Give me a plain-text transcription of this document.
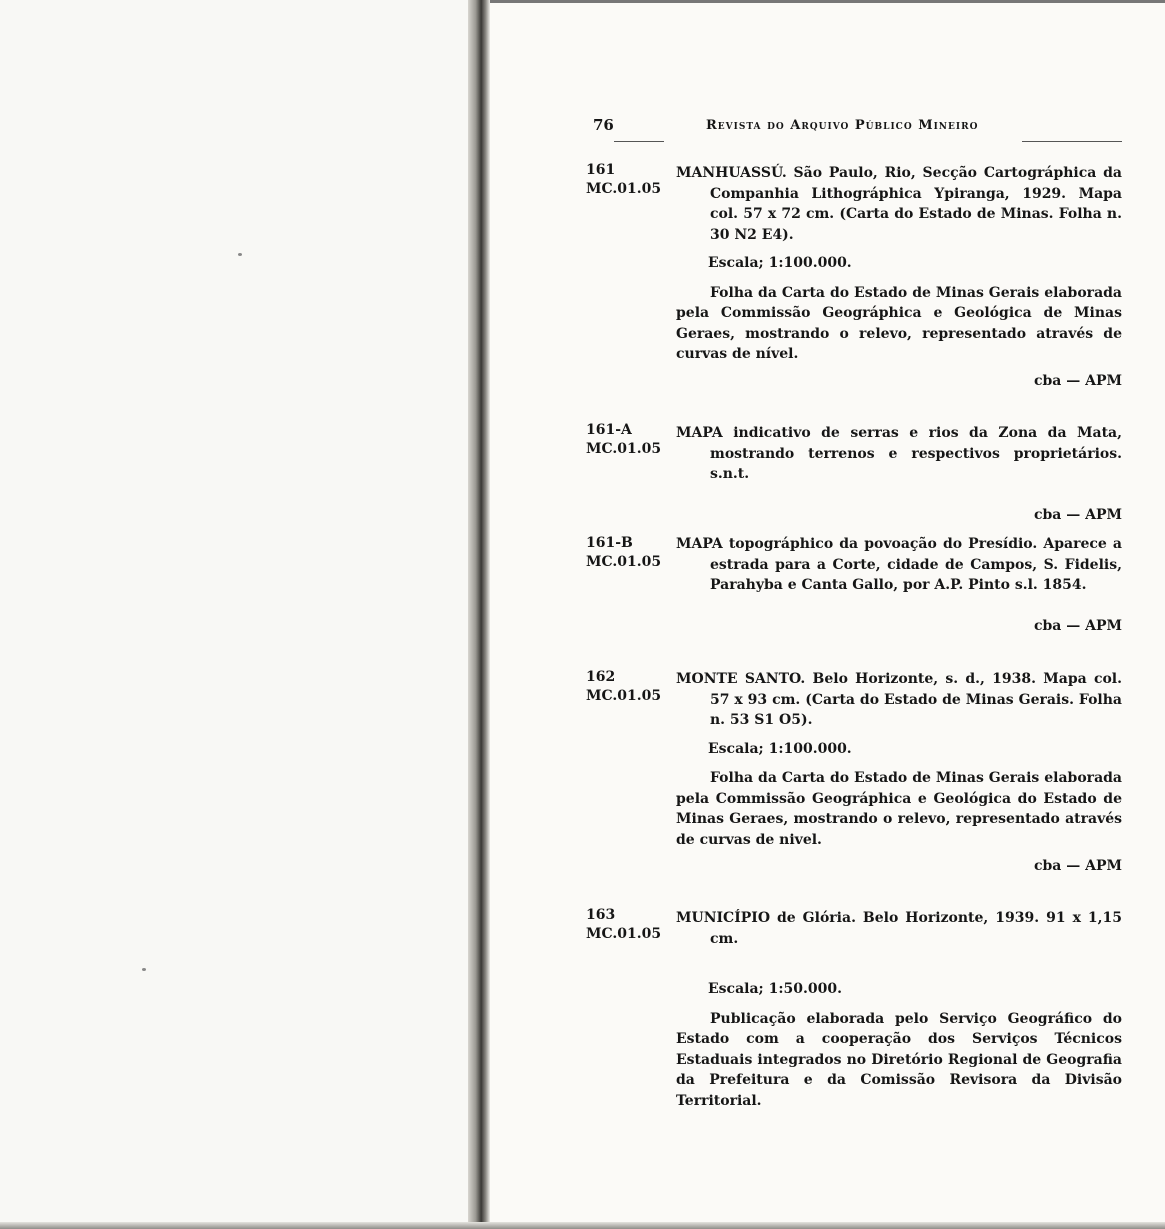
76	Revista do Arquivo Público Mineiro
161
MC.01.05

MANHUASSÚ. São Paulo, Rio, Secção Cartográphica da Companhia Lithográphica Ypiranga, 1929. Mapa col. 57 x 72 cm. (Carta do Estado de Minas. Folha n. 30 N2 E4).

Escala; 1:100.000.

Folha da Carta do Estado de Minas Gerais elaborada pela Commissão Geográphica e Geológica de Minas Geraes, mostrando o relevo, representado através de curvas de nível.

cba — APM

161-A
MC.01.05

MAPA indicativo de serras e rios da Zona da Mata, mostrando terrenos e respectivos proprietários. s.n.t.

cba — APM

161-B
MC.01.05

MAPA topográphico da povoação do Presídio. Aparece a estrada para a Corte, cidade de Campos, S. Fidelis, Parahyba e Canta Gallo, por A.P. Pinto s.l. 1854.

cba — APM

162
MC.01.05

MONTE SANTO. Belo Horizonte, s. d., 1938. Mapa col. 57 x 93 cm. (Carta do Estado de Minas Gerais. Folha n. 53 S1 O5).

Escala; 1:100.000.

Folha da Carta do Estado de Minas Gerais elaborada pela Commissão Geográphica e Geológica do Estado de Minas Geraes, mostrando o relevo, representado através de curvas de nivel.

cba — APM

163
MC.01.05

MUNICÍPIO de Glória. Belo Horizonte, 1939. 91 x 1,15 cm.

Escala; 1:50.000.

Publicação elaborada pelo Serviço Geográfico do Estado com a cooperação dos Serviços Técnicos Estaduais integrados no Diretório Regional de Geografia da Prefeitura e da Comissão Revisora da Divisão Territorial.
